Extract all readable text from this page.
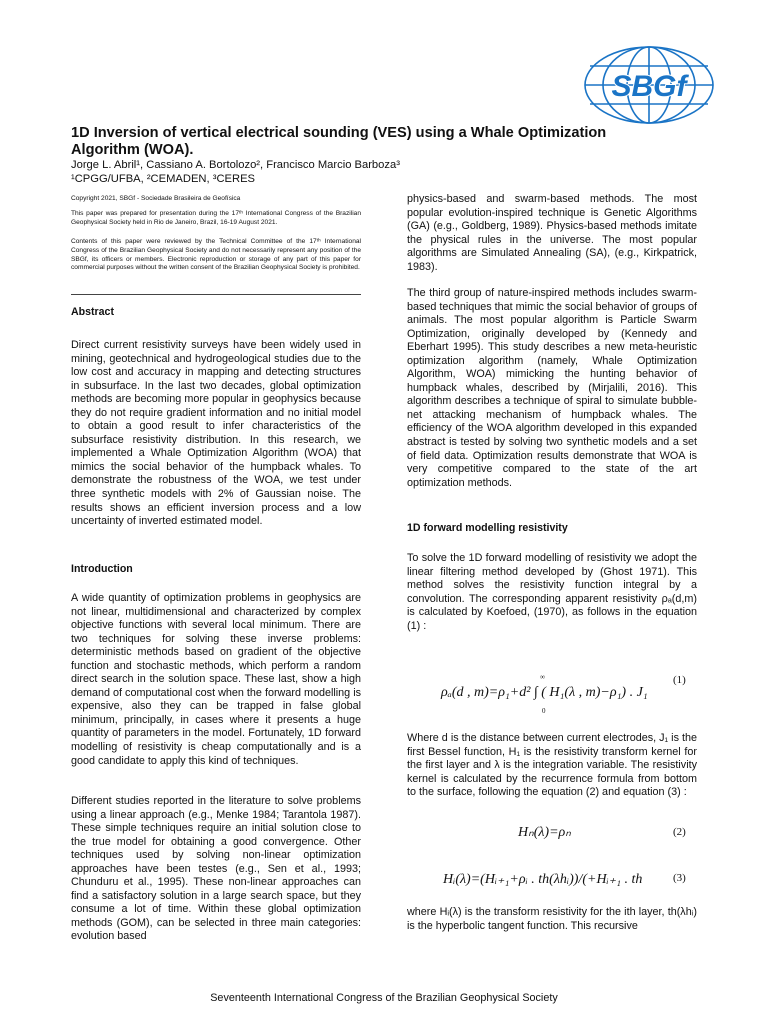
SBGf
1D Inversion of vertical electrical sounding (VES) using a Whale Optimization Algorithm (WOA).
Jorge L. Abril¹, Cassiano A. Bortolozo², Francisco Marcio Barboza³
¹CPGG/UFBA, ²CEMADEN, ³CERES

Copyright 2021, SBGf - Sociedade Brasileira de Geofísica

This paper was prepared for presentation during the 17ᵗʰ International Congress of the Brazilian Geophysical Society held in Rio de Janeiro, Brazil, 16-19 August 2021.

Contents of this paper were reviewed by the Technical Committee of the 17ᵗʰ International Congress of the Brazilian Geophysical Society and do not necessarily represent any position of the SBGf, its officers or members. Electronic reproduction or storage of any part of this paper for commercial purposes without the written consent of the Brazilian Geophysical Society is prohibited.

Abstract

Direct current resistivity surveys have been widely used in mining, geotechnical and hydrogeological studies due to the low cost and accuracy in mapping and detecting structures in subsurface. In the last two decades, global optimization methods are becoming more popular in geophysics because they do not require gradient information and no initial model to obtain a good result to infer characteristics of the subsurface resistivity distribution. In this research, we implemented a Whale Optimization Algorithm (WOA) that mimics the social behavior of the humpback whales. To demonstrate the robustness of the WOA, we test under three synthetic models with 2% of Gaussian noise. The results shows an efficient inversion process and a low uncertainty of inverted estimated model.

Introduction

A wide quantity of optimization problems in geophysics are not linear, multidimensional and characterized by complex objective functions with several local minimum. There are two techniques for solving these inverse problems: deterministic methods based on gradient of the objective function and stochastic methods, which perform a random direct search in the solution space. These last, show a high demand of computational cost when the forward modelling is expensive, also they can be trapped in false global minimum, principally, in cases where it presents a huge quantity of parameters in the model. Fortunately, 1D forward modelling of resistivity is cheap computationally and is a good candidate to apply this kind of techniques.

Different studies reported in the literature to solve problems using a linear approach (e.g., Menke 1984; Tarantola 1987). These simple techniques require an initial solution close to the true model for obtaining a good convergence. Other techniques used by solving non-linear optimization approaches have been testes (e.g., Sen et al., 1993; Chunduru et al., 1995). These non-linear approaches can find a satisfactory solution in a large search space, but they consume a lot of time. Within these global optimization methods (GOM), can be selected in three main categories: evolution based

physics-based and swarm-based methods. The most popular evolution-inspired technique is Genetic Algorithms (GA) (e.g., Goldberg, 1989). Physics-based methods imitate the physical rules in the universe. The most popular algorithms are Simulated Annealing (SA), (e.g., Kirkpatrick, 1983).

The third group of nature-inspired methods includes swarm- based techniques that mimic the social behavior of groups of animals. The most popular algorithm is Particle Swarm Optimization, originally developed by (Kennedy and Eberhart 1995). This study describes a new meta-heuristic optimization algorithm (namely, Whale Optimization Algorithm, WOA) mimicking the hunting behavior of humpback whales, described by (Mirjalili, 2016). This algorithm describes a technique of spiral to simulate bubble-net attacking mechanism of humpback whales. The efficiency of the WOA algorithm developed in this expanded abstract is tested by solving two synthetic models and a set of field data. Optimization results demonstrate that WOA is very competitive compared to the state of the art optimization methods.

1D forward modelling resistivity

To solve the 1D forward modelling of resistivity we adopt the linear filtering method developed by (Ghost 1971). This method solves the resistivity function integral by a convolution. The corresponding apparent resistivity ρₐ(d,m) is calculated by Koefoed, (1970), as follows in the equation (1) :

ρₐ(d , m)=ρ₁+d² ∫ ( H₁(λ , m)−ρ₁) . J₁
∞
0
(1)

Where d is the distance between current electrodes, J₁ is the first Bessel function, H₁ is the resistivity transform kernel for the first layer and λ is the integration variable. The resistivity kernel is calculated by the recurrence formula from bottom to the surface, following the equation (2) and equation (3) :

Hₙ(λ)=ρₙ	(2)
Hᵢ(λ)=(Hᵢ₊₁+ρᵢ . th(λhᵢ))/(+Hᵢ₊₁ . th	(3)

where Hᵢ(λ) is the transform resistivity for the ith layer, th(λhᵢ) is the hyperbolic tangent function. This recursive

Seventeenth International Congress of the Brazilian Geophysical Society
